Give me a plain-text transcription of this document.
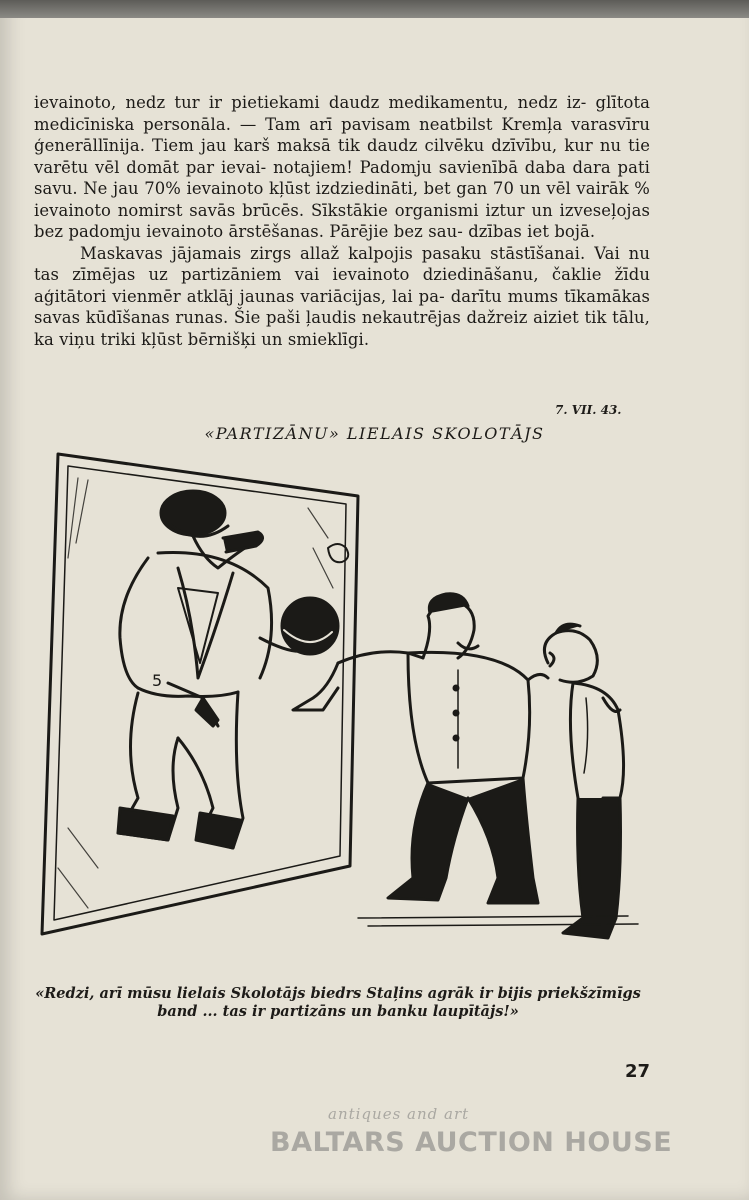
ievainoto, nedz tur ir pietiekami daudz medikamentu, nedz iz- glītota medicīniska personāla. — Tam arī pavisam neatbilst Kremļa varasvīru ģenerāllīnija. Tiem jau karš maksā tik daudz cilvēku dzīvību, kur nu tie varētu vēl domāt par ievai- notajiem! Padomju savienībā daba dara pati savu. Ne jau 70% ievainoto kļūst izdziedināti, bet gan 70 un vēl vairāk % ievainoto nomirst savās brūcēs. Sīkstākie organismi iztur un izveseļojas bez padomju ievainoto ārstēšanas. Pārējie bez sau- dzības iet bojā.

Maskavas jājamais zirgs allaž kalpojis pasaku stāstīšanai. Vai nu tas zīmējas uz partizāniem vai ievainoto dziedināšanu, čaklie žīdu aģitātori vienmēr atklāj jaunas variācijas, lai pa- darītu mums tīkamākas savas kūdīšanas runas. Šie paši ļaudis nekautrējas dažreiz aiziet tik tālu, ka viņu triki kļūst bērnišķi un smieklīgi.

7. VII. 43.
«PARTIZĀNU» LIELAIS SKOLOTĀJS
5
«Redzi, arī mūsu lielais Skolotājs biedrs Staļins agrāk ir bijis priekšzīmīgs
band ... tas ir partizāns un banku laupītājs!»
27
antiques and art
BALTARS AUCTION HOUSE
